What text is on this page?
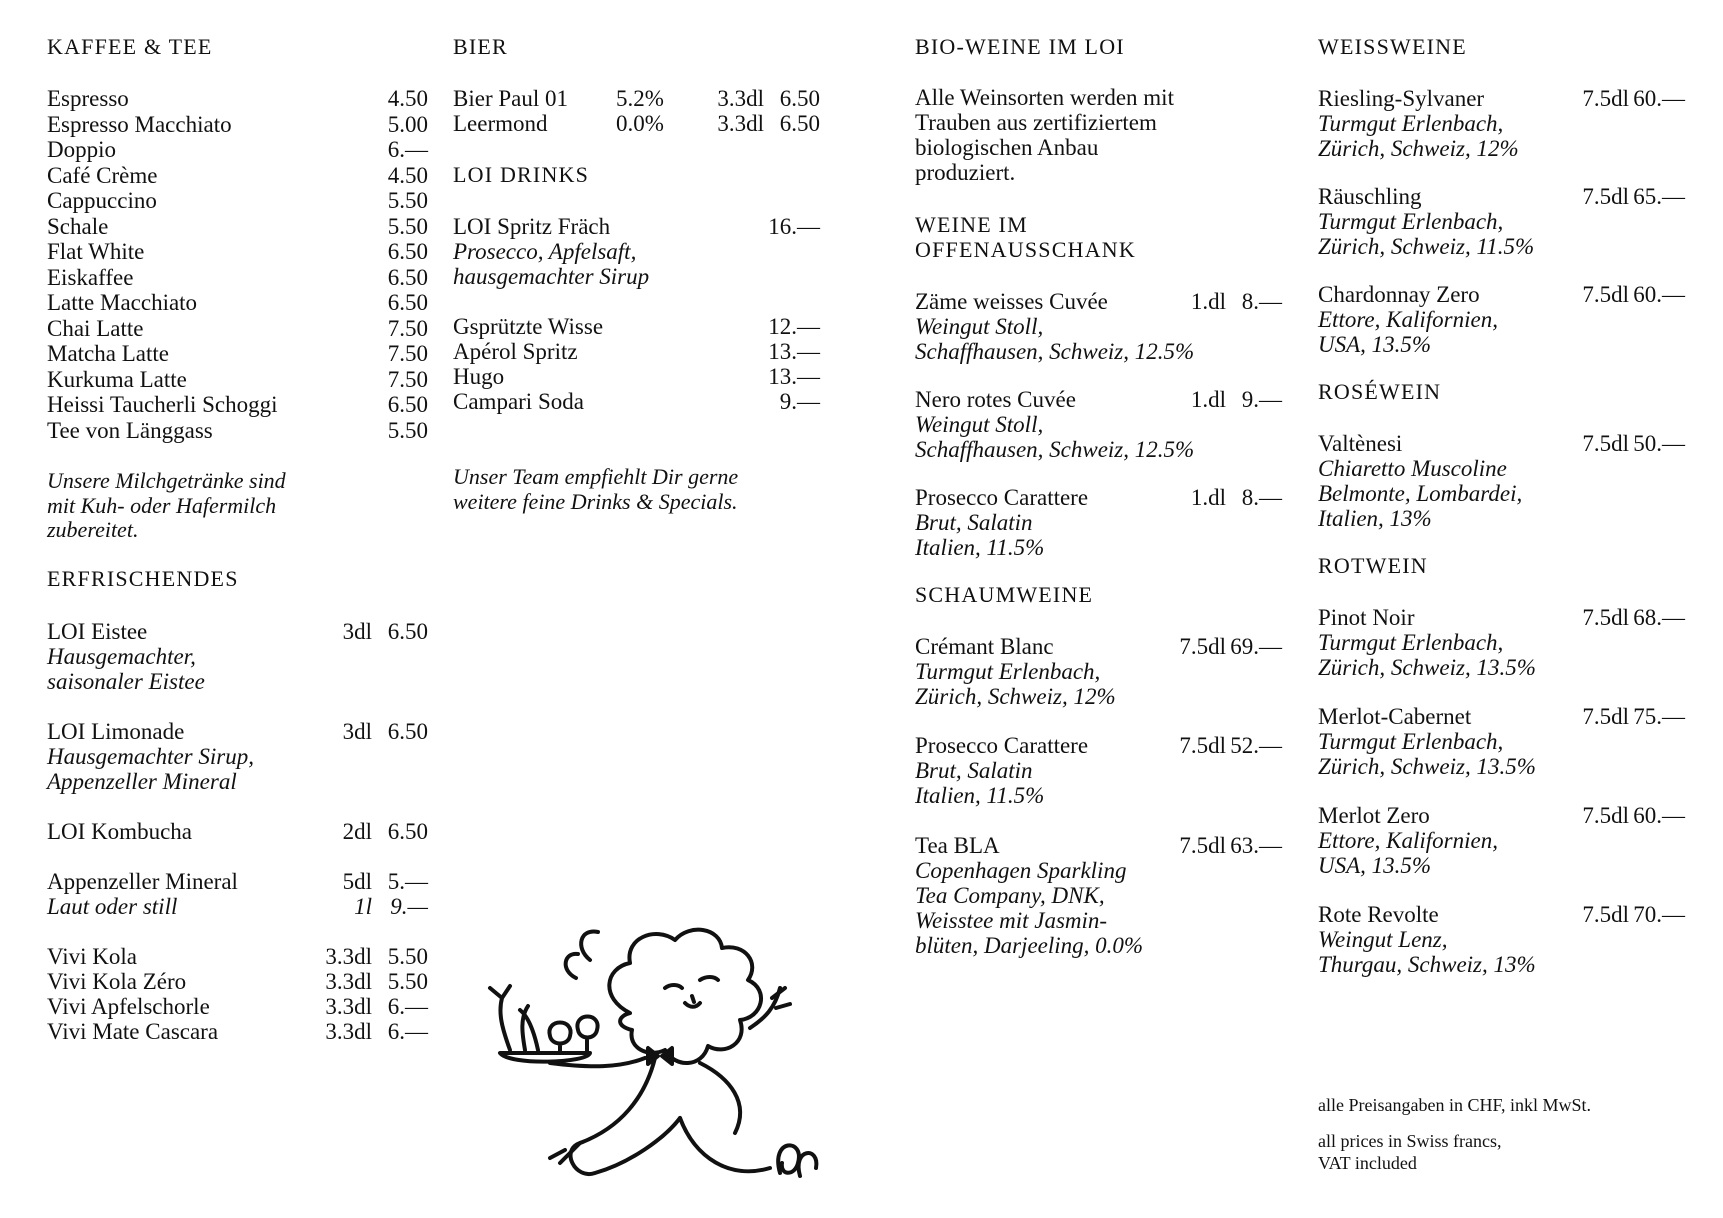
KAFFEE & TEE
Espresso	4.50
Espresso Macchiato	5.00
Doppio	6.—
Café Crème	4.50
Cappuccino	5.50
Schale	5.50
Flat White	6.50
Eiskaffee	6.50
Latte Macchiato	6.50
Chai Latte	7.50
Matcha Latte	7.50
Kurkuma Latte	7.50
Heissi Taucherli Schoggi	6.50
Tee von Länggass	5.50
Unsere Milchgetränke sind
mit Kuh- oder Hafermilch
zubereitet.
ERFRISCHENDES
LOI Eistee	3dl 6.50
Hausgemachter,
saisonaler Eistee
LOI Limonade	3dl 6.50
Hausgemachter Sirup,
Appenzeller Mineral
LOI Kombucha	2dl 6.50
Appenzeller Mineral	5dl 5.—
Laut oder still	1l 9.—
Vivi Kola	3.3dl 5.50
Vivi Kola Zéro	3.3dl 5.50
Vivi Apfelschorle	3.3dl 6.—
Vivi Mate Cascara	3.3dl 6.—
BIER
Bier Paul 01 5.2% 3.3dl 6.50
Leermond	0.0% 3.3dl 6.50
LOI DRINKS
LOI Spritz Fräch	16.—
Prosecco, Apfelsaft,
hausgemachter Sirup
Gsprützte Wisse	12.—
Apérol Spritz	13.—
Hugo	13.—
Campari Soda	9.—
Unser Team empfiehlt Dir gerne
weitere feine Drinks & Specials.
BIO-WEINE IM LOI
Alle Weinsorten werden mit
Trauben aus zertifiziertem
biologischen Anbau
produziert.
WEINE IM
OFFENAUSSCHANK
Zäme weisses Cuvée	1.dl 8.—
Weingut Stoll,
Schaffhausen, Schweiz, 12.5%
Nero rotes Cuvée	1.dl 9.—
Weingut Stoll,
Schaffhausen, Schweiz, 12.5%
Prosecco Carattere	1.dl 8.—
Brut, Salatin
Italien, 11.5%
SCHAUMWEINE
Crémant Blanc	7.5dl 69.—
Turmgut Erlenbach,
Zürich, Schweiz, 12%
Prosecco Carattere	7.5dl 52.—
Brut, Salatin
Italien, 11.5%
Tea BLA	7.5dl 63.—
Copenhagen Sparkling
Tea Company, DNK,
Weisstee mit Jasmin-
blüten, Darjeeling, 0.0%
WEISSWEINE
Riesling-Sylvaner	7.5dl 60.—
Turmgut Erlenbach,
Zürich, Schweiz, 12%
Räuschling	7.5dl 65.—
Turmgut Erlenbach,
Zürich, Schweiz, 11.5%
Chardonnay Zero	7.5dl 60.—
Ettore, Kalifornien,
USA, 13.5%
ROSÉWEIN
Valtènesi	7.5dl 50.—
Chiaretto Muscoline
Belmonte, Lombardei,
Italien, 13%
ROTWEIN
Pinot Noir	7.5dl 68.—
Turmgut Erlenbach,
Zürich, Schweiz, 13.5%
Merlot-Cabernet	7.5dl 75.—
Turmgut Erlenbach,
Zürich, Schweiz, 13.5%
Merlot Zero	7.5dl 60.—
Ettore, Kalifornien,
USA, 13.5%
Rote Revolte	7.5dl 70.—
Weingut Lenz,
Thurgau, Schweiz, 13%
alle Preisangaben in CHF, inkl MwSt.
all prices in Swiss francs,
VAT included
